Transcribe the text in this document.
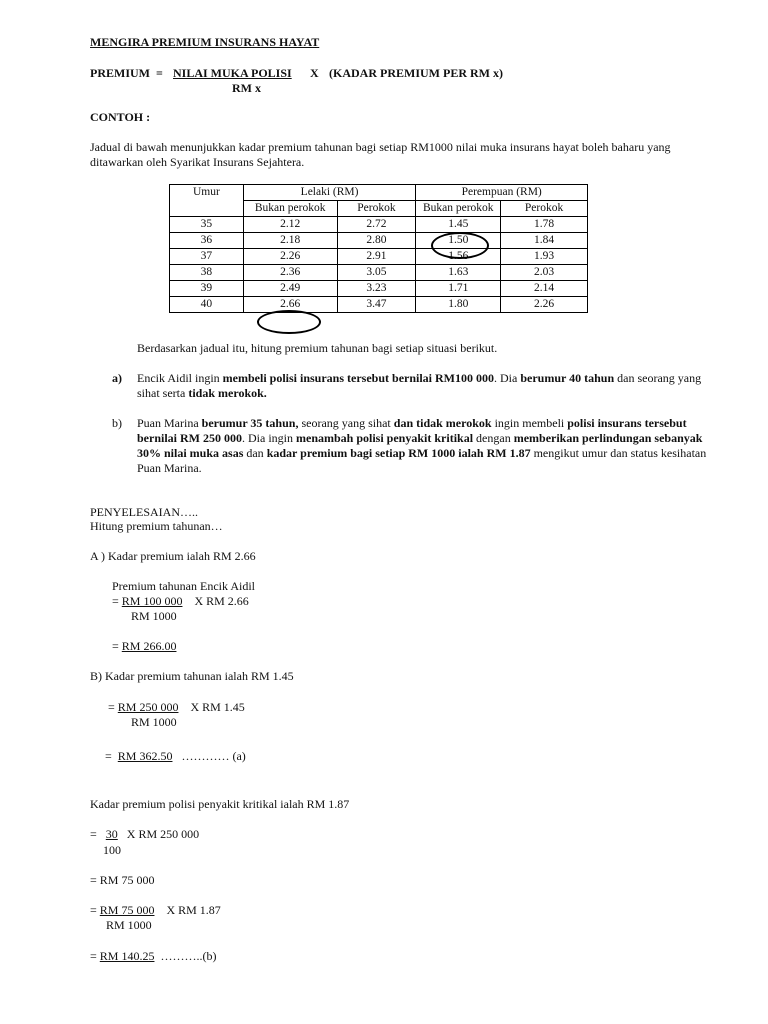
MENGIRA PREMIUM INSURANS HAYAT
PREMIUM = NILAI MUKA POLISI X (KADAR PREMIUM PER RM x)
RM x
CONTOH :
Jadual di bawah menunjukkan kadar premium tahunan bagi setiap RM1000 nilai muka insurans hayat boleh baharu yang ditawarkan oleh Syarikat Insurans Sejahtera.
Umur	Lelaki (RM)		Perempuan (RM)	
	Bukan perokok	Perokok	Bukan perokok	Perokok
35	2.12	2.72	1.45	1.78
36	2.18	2.80	1.50	1.84
37	2.26	2.91	1.56	1.93
38	2.36	3.05	1.63	2.03
39	2.49	3.23	1.71	2.14
40	2.66	3.47	1.80	2.26
Berdasarkan jadual itu, hitung premium tahunan bagi setiap situasi berikut.
a) Encik Aidil ingin membeli polisi insurans tersebut bernilai RM100 000. Dia berumur 40 tahun dan seorang yang sihat serta tidak merokok.
b) Puan Marina berumur 35 tahun, seorang yang sihat dan tidak merokok ingin membeli polisi insurans tersebut bernilai RM 250 000. Dia ingin menambah polisi penyakit kritikal dengan memberikan perlindungan sebanyak 30% nilai muka asas dan kadar premium bagi setiap RM 1000 ialah RM 1.87 mengikut umur dan status kesihatan Puan Marina.
PENYELESAIAN…..
Hitung premium tahunan…
A ) Kadar premium ialah RM 2.66
Premium tahunan Encik Aidil
= RM 100 000 X RM 2.66
RM 1000
= RM 266.00
B) Kadar premium tahunan ialah RM 1.45
= RM 250 000 X RM 1.45
RM 1000
= RM 362.50 ………… (a)
Kadar premium polisi penyakit kritikal ialah RM 1.87
= 30 X RM 250 000
100
= RM 75 000
= RM 75 000 X RM 1.87
RM 1000
= RM 140.25 ………..(b)
